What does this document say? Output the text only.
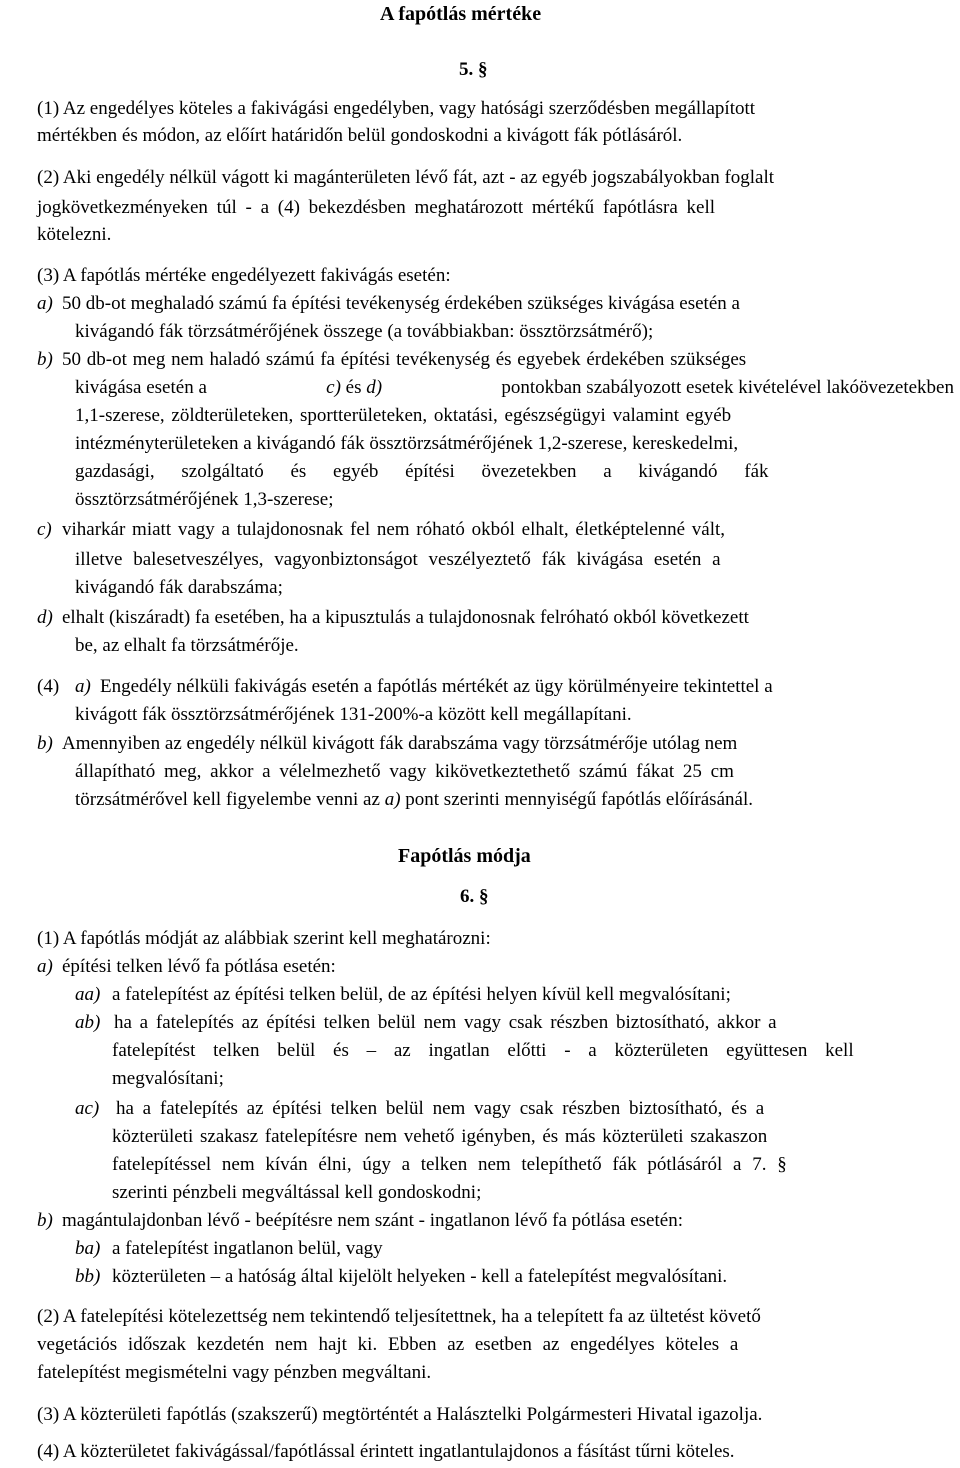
A fapótlás mértéke
5. §
(1) Az engedélyes köteles a fakivágási engedélyben, vagy hatósági szerződésben megállapított
mértékben és módon, az előírt határidőn belül gondoskodni a kivágott fák pótlásáról.
(2) Aki engedély nélkül vágott ki magánterületen lévő fát, azt - az egyéb jogszabályokban foglalt
jogkövetkezményeken túl - a (4) bekezdésben meghatározott mértékű fapótlásra kell
kötelezni.
(3) A fapótlás mértéke engedélyezett fakivágás esetén:
a) 50 db-ot meghaladó számú fa építési tevékenység érdekében szükséges kivágása esetén a
kivágandó fák törzsátmérőjének összege (a továbbiakban: össztörzsátmérő);
b) 50 db-ot meg nem haladó számú fa építési tevékenység és egyebek érdekében szükséges
kivágása esetén a	c) és d)	pontokban szabályozott esetek kivételével lakóövezetekben
1,1-szerese, zöldterületeken, sportterületeken, oktatási, egészségügyi valamint egyéb
intézményterületeken a kivágandó fák össztörzsátmérőjének 1,2-szerese, kereskedelmi,
gazdasági, szolgáltató és egyéb építési övezetekben a kivágandó fák
össztörzsátmérőjének 1,3-szerese;
c) viharkár miatt vagy a tulajdonosnak fel nem róható okból elhalt, életképtelenné vált,
illetve balesetveszélyes, vagyonbiztonságot veszélyeztető fák kivágása esetén a
kivágandó fák darabszáma;
d) elhalt (kiszáradt) fa esetében, ha a kipusztulás a tulajdonosnak felróható okból következett
be, az elhalt fa törzsátmérője.
(4) a) Engedély nélküli fakivágás esetén a fapótlás mértékét az ügy körülményeire tekintettel a
kivágott fák össztörzsátmérőjének 131-200%-a között kell megállapítani.
b) Amennyiben az engedély nélkül kivágott fák darabszáma vagy törzsátmérője utólag nem
állapítható meg, akkor a vélelmezhető vagy kikövetkeztethető számú fákat 25 cm
törzsátmérővel kell figyelembe venni az a) pont szerinti mennyiségű fapótlás előírásánál.
Fapótlás módja
6. §
(1) A fapótlás módját az alábbiak szerint kell meghatározni:
a) építési telken lévő fa pótlása esetén:
aa) a fatelepítést az építési telken belül, de az építési helyen kívül kell megvalósítani;
ab) ha a fatelepítés az építési telken belül nem vagy csak részben biztosítható, akkor a
fatelepítést telken belül és – az ingatlan előtti - a közterületen együttesen kell
megvalósítani;
ac) ha a fatelepítés az építési telken belül nem vagy csak részben biztosítható, és a
közterületi szakasz fatelepítésre nem vehető igényben, és más közterületi szakaszon
fatelepítéssel nem kíván élni, úgy a telken nem telepíthető fák pótlásáról a 7. §
szerinti pénzbeli megváltással kell gondoskodni;
b) magántulajdonban lévő - beépítésre nem szánt - ingatlanon lévő fa pótlása esetén:
ba) a fatelepítést ingatlanon belül, vagy
bb) közterületen – a hatóság által kijelölt helyeken - kell a fatelepítést megvalósítani.
(2) A fatelepítési kötelezettség nem tekintendő teljesítettnek, ha a telepített fa az ültetést követő
vegetációs időszak kezdetén nem hajt ki. Ebben az esetben az engedélyes köteles a
fatelepítést megismételni vagy pénzben megváltani.
(3) A közterületi fapótlás (szakszerű) megtörténtét a Halásztelki Polgármesteri Hivatal igazolja.
(4) A közterületet fakivágással/fapótlással érintett ingatlantulajdonos a fásítást tűrni köteles.
